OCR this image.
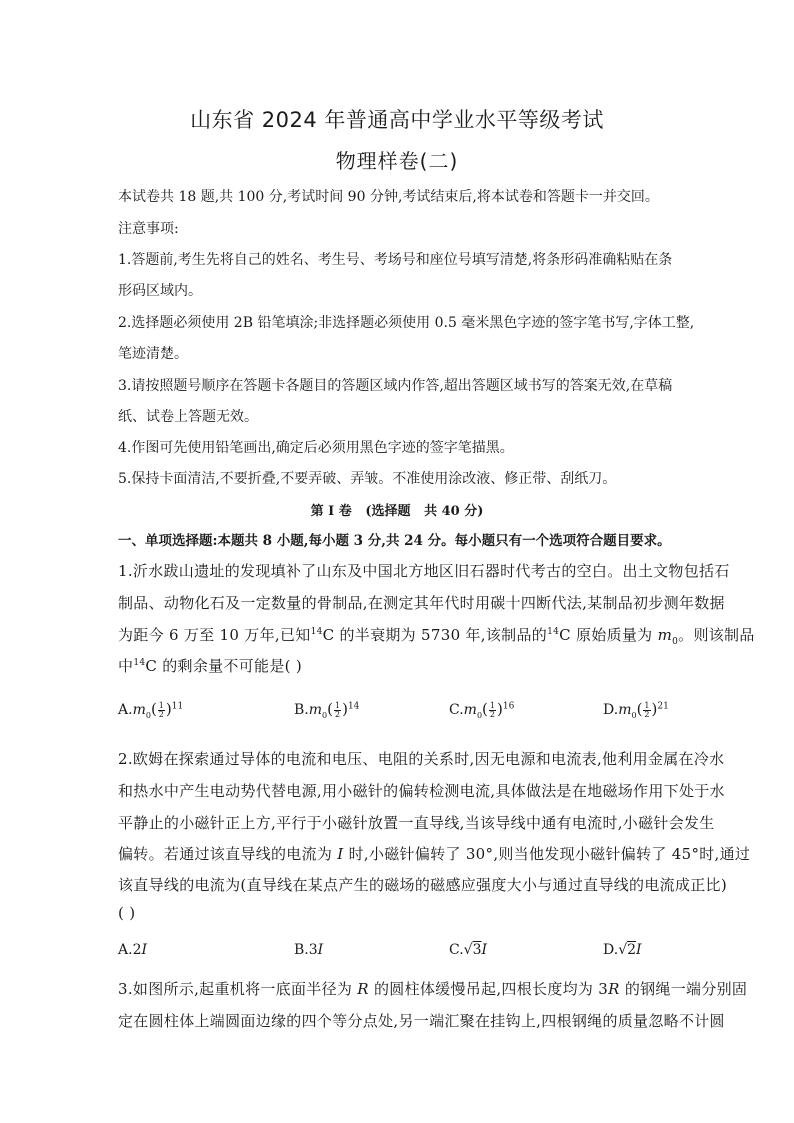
山东省 2024 年普通高中学业水平等级考试
物理样卷(二)
本试卷共 18 题,共 100 分,考试时间 90 分钟,考试结束后,将本试卷和答题卡一并交回。
注意事项:
1.答题前,考生先将自己的姓名、考生号、考场号和座位号填写清楚,将条形码准确粘贴在条
形码区域内。
2.选择题必须使用 2B 铅笔填涂;非选择题必须使用 0.5 毫米黑色字迹的签字笔书写,字体工整,
笔迹清楚。
3.请按照题号顺序在答题卡各题目的答题区域内作答,超出答题区域书写的答案无效,在草稿
纸、试卷上答题无效。
4.作图可先使用铅笔画出,确定后必须用黑色字迹的签字笔描黑。
5.保持卡面清洁,不要折叠,不要弄破、弄皱。不准使用涂改液、修正带、刮纸刀。
第 I 卷   (选择题   共 40 分)
一、单项选择题:本题共 8 小题,每小题 3 分,共 24 分。每小题只有一个选项符合题目要求。
1.沂水跋山遗址的发现填补了山东及中国北方地区旧石器时代考古的空白。出土文物包括石
制品、动物化石及一定数量的骨制品,在测定其年代时用碳十四断代法,某制品初步测年数据
为距今 6 万至 10 万年,已知$^{14}$C 的半衰期为 5730 年,该制品的$^{14}$C 原始质量为 $m_0$。则该制品
中$^{14}$C 的剩余量不可能是( )
$A.m_0( \frac{1}{2} )^{11}$	$B.m_0( \frac{1}{2} )^{14}$	$C.m_0( \frac{1}{2} )^{16}$	$D.m_0( \frac{1}{2} )^{21}$
2.欧姆在探索通过导体的电流和电压、电阻的关系时,因无电源和电流表,他利用金属在冷水
和热水中产生电动势代替电源,用小磁针的偏转检测电流,具体做法是在地磁场作用下处于水
平静止的小磁针正上方,平行于小磁针放置一直导线,当该导线中通有电流时,小磁针会发生
偏转。若通过该直导线的电流为 I 时,小磁针偏转了 30°,则当他发现小磁针偏转了 45°时,通过
该直导线的电流为(直导线在某点产生的磁场的磁感应强度大小与通过直导线的电流成正比)
( )
A.2I	B.3I	C.√3I	D.√2I
3.如图所示,起重机将一底面半径为 R 的圆柱体缓慢吊起,四根长度均为 3R 的钢绳一端分别固
定在圆柱体上端圆面边缘的四个等分点处,另一端汇聚在挂钩上,四根钢绳的质量忽略不计圆
